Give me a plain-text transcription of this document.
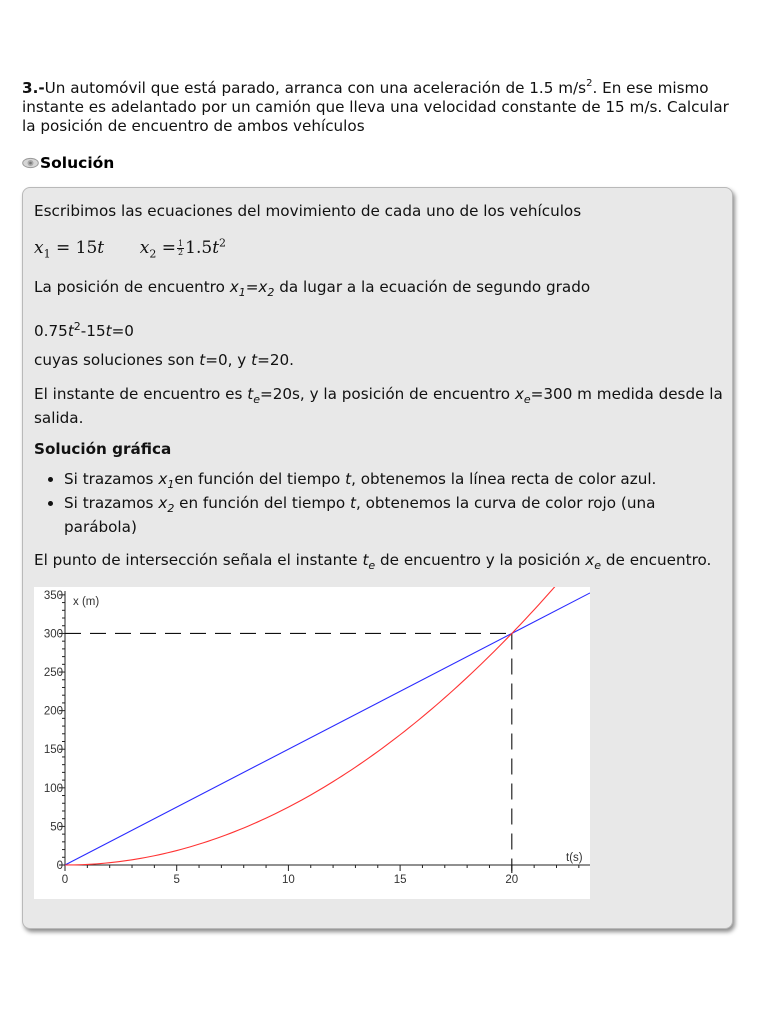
3.-Un automóvil que está parado, arranca con una aceleración de 1.5 $m/s^2$. En ese mismo instante es adelantado por un camión que lleva una velocidad constante de 15 m/s. Calcular la posición de encuentro de ambos vehículos
Solución
Escribimos las ecuaciones del movimiento de cada uno de los vehículos
$x_1 = 15t$ $x_2 = \frac{1}{2} 1.5t^2$
La posición de encuentro $x_1=x_2$ da lugar a la ecuación de segundo grado
$0.75t^2-15t=0$
cuyas soluciones son t=0, y t=20.
El instante de encuentro es $t_e=20s$, y la posición de encuentro $x_e=300$ m medida desde la salida.
Solución gráfica
• Si trazamos $x_1en$ función del tiempo t, obtenemos la línea recta de color azul.
• Si trazamos $x_2$ en función del tiempo t, obtenemos la curva de color rojo (una parábola)
El punto de intersección señala el instante $t_e$ de encuentro y la posición $x_e$ de encuentro.
0	5	10	15	20
0
50
100
150
200
250
300
350
x (m)
t(s)
